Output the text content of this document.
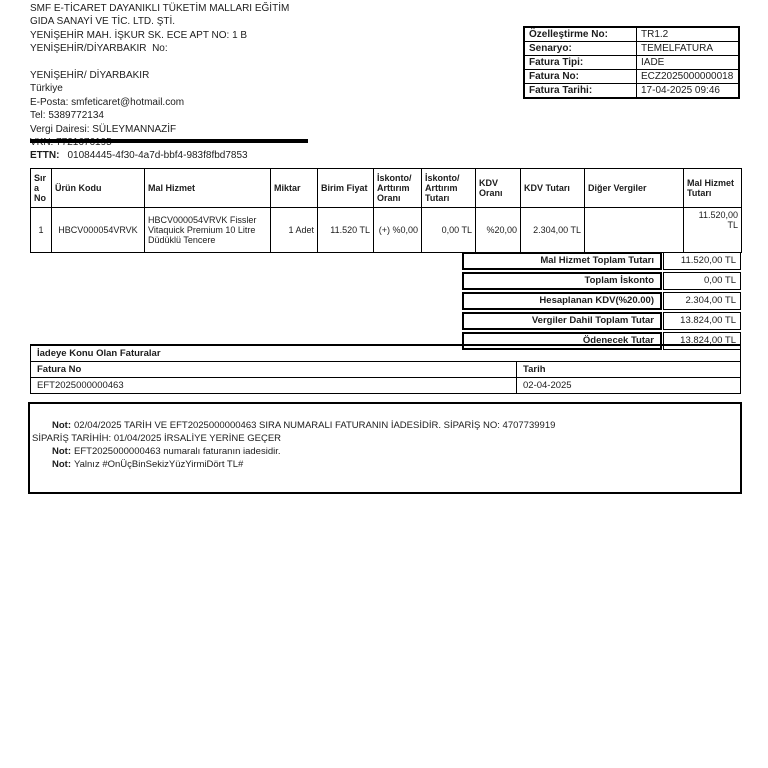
SMF E-TİCARET DAYANIKLI TÜKETİM MALLARI EĞİTİM
GIDA SANAYİ VE TİC. LTD. ŞTİ.
YENİŞEHİR MAH. İŞKUR SK. ECE APT NO: 1 B
YENİŞEHİR/DİYARBAKIR  No:
YENİŞEHİR/ DİYARBAKIR
Türkiye
E-Posta: smfeticaret@hotmail.com
Tel: 5389772134
Vergi Dairesi: SÜLEYMANNAZİF
Özelleştirme No:	TR1.2
Senaryo:	TEMELFATURA
Fatura Tipi:	IADE
Fatura No:	ECZ2025000000018
Fatura Tarihi:	17-04-2025 09:46
ETTN: 01084445-4f30-4a7d-bbf4-983f8fbd7853
Sıra No	Ürün Kodu	Mal Hizmet	Miktar	Birim Fiyat	İskonto/ Arttırım Oranı	İskonto/ Arttırım Tutarı	KDV Oranı	KDV Tutarı	Diğer Vergiler	Mal Hizmet Tutarı
1	HBCV000054VRVK	HBCV000054VRVK Fissler Vitaquick Premium 10 Litre Düdüklü Tencere	1 Adet	11.520 TL	(+) %0,00	0,00 TL	%20,00	2.304,00 TL		11.520,00 TL
Mal Hizmet Toplam Tutarı	11.520,00 TL
Toplam İskonto	0,00 TL
Hesaplanan KDV(%20.00)	2.304,00 TL
Vergiler Dahil Toplam Tutar	13.824,00 TL
Ödenecek Tutar	13.824,00 TL
İadeye Konu Olan Faturalar	
Fatura No	Tarih
EFT2025000000463	02-04-2025
Not: 02/04/2025 TARİH VE EFT2025000000463 SIRA NUMARALI FATURANIN İADESİDİR. SİPARİŞ NO: 4707739919
SİPARİŞ TARİHİH: 01/04/2025 İRSALİYE YERİNE GEÇER
Not: EFT2025000000463 numaralı faturanın iadesidir.
Not: Yalnız #OnÜçBinSekizYüzYirmiDört TL#
